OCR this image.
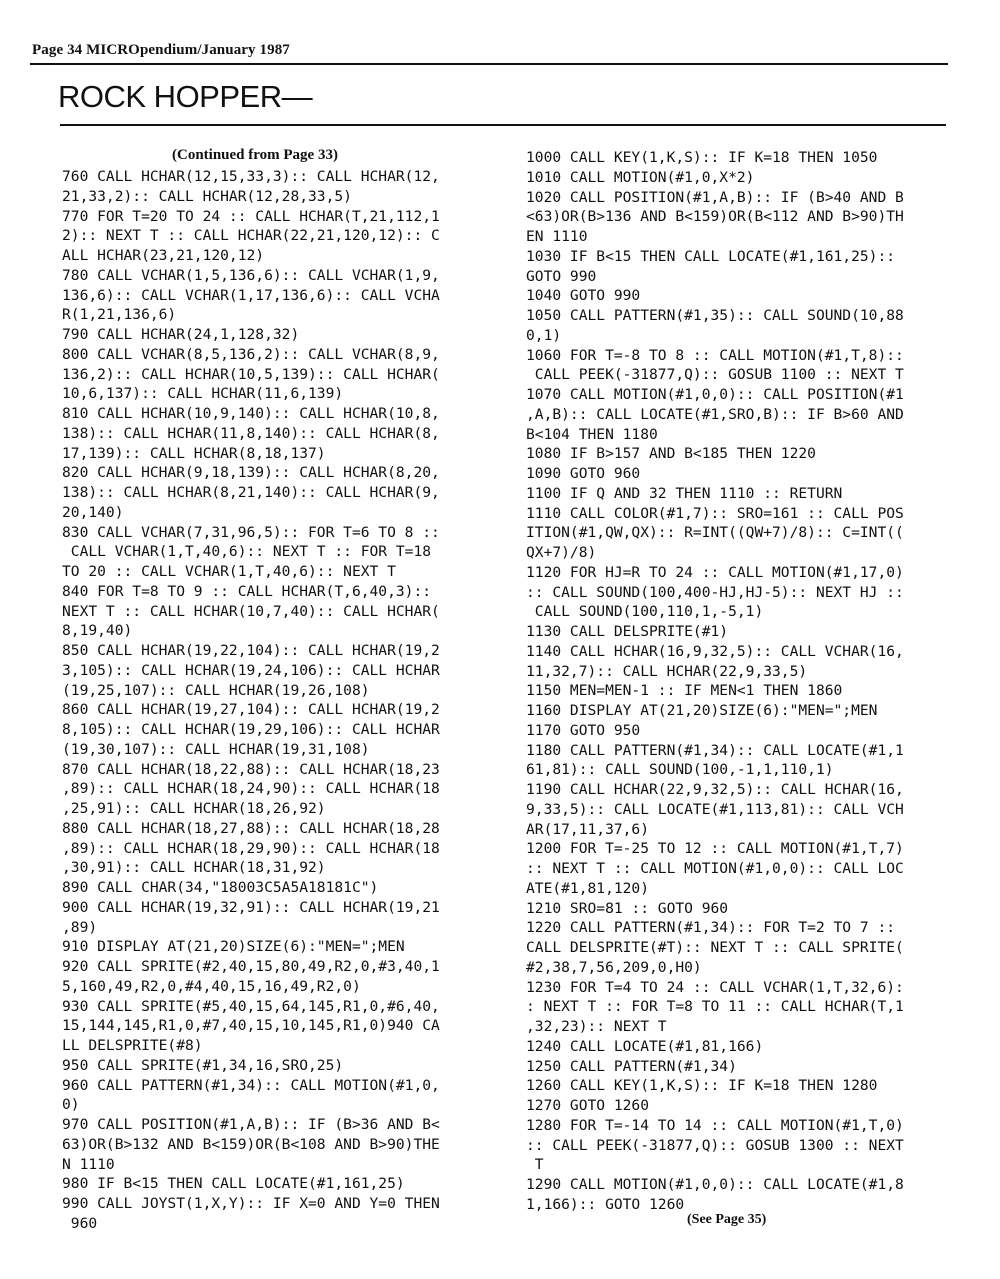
Page 34 MICROpendium/January 1987
ROCK HOPPER—
(Continued from Page 33)
760 CALL HCHAR(12,15,33,3):: CALL HCHAR(12,
21,33,2):: CALL HCHAR(12,28,33,5)
770 FOR T=20 TO 24 :: CALL HCHAR(T,21,112,1
2):: NEXT T :: CALL HCHAR(22,21,120,12):: C
ALL HCHAR(23,21,120,12)
780 CALL VCHAR(1,5,136,6):: CALL VCHAR(1,9,
136,6):: CALL VCHAR(1,17,136,6):: CALL VCHA
R(1,21,136,6)
790 CALL HCHAR(24,1,128,32)
800 CALL VCHAR(8,5,136,2):: CALL VCHAR(8,9,
136,2):: CALL HCHAR(10,5,139):: CALL HCHAR(
10,6,137):: CALL HCHAR(11,6,139)
810 CALL HCHAR(10,9,140):: CALL HCHAR(10,8,
138):: CALL HCHAR(11,8,140):: CALL HCHAR(8,
17,139):: CALL HCHAR(8,18,137)
820 CALL HCHAR(9,18,139):: CALL HCHAR(8,20,
138):: CALL HCHAR(8,21,140):: CALL HCHAR(9,
20,140)
830 CALL VCHAR(7,31,96,5):: FOR T=6 TO 8 ::
CALL VCHAR(1,T,40,6):: NEXT T :: FOR T=18
TO 20 :: CALL VCHAR(1,T,40,6):: NEXT T
840 FOR T=8 TO 9 :: CALL HCHAR(T,6,40,3)::
NEXT T :: CALL HCHAR(10,7,40):: CALL HCHAR(
8,19,40)
850 CALL HCHAR(19,22,104):: CALL HCHAR(19,2
3,105):: CALL HCHAR(19,24,106):: CALL HCHAR
(19,25,107):: CALL HCHAR(19,26,108)
860 CALL HCHAR(19,27,104):: CALL HCHAR(19,2
8,105):: CALL HCHAR(19,29,106):: CALL HCHAR
(19,30,107):: CALL HCHAR(19,31,108)
870 CALL HCHAR(18,22,88):: CALL HCHAR(18,23
,89):: CALL HCHAR(18,24,90):: CALL HCHAR(18
,25,91):: CALL HCHAR(18,26,92)
880 CALL HCHAR(18,27,88):: CALL HCHAR(18,28
,89):: CALL HCHAR(18,29,90):: CALL HCHAR(18
,30,91):: CALL HCHAR(18,31,92)
890 CALL CHAR(34,"18003C5A5A18181C")
900 CALL HCHAR(19,32,91):: CALL HCHAR(19,21
,89)
910 DISPLAY AT(21,20)SIZE(6):"MEN=";MEN
920 CALL SPRITE(#2,40,15,80,49,R2,0,#3,40,1
5,160,49,R2,0,#4,40,15,16,49,R2,0)
930 CALL SPRITE(#5,40,15,64,145,R1,0,#6,40,
15,144,145,R1,0,#7,40,15,10,145,R1,0)940 CA
LL DELSPRITE(#8)
950 CALL SPRITE(#1,34,16,SRO,25)
960 CALL PATTERN(#1,34):: CALL MOTION(#1,0,
0)
970 CALL POSITION(#1,A,B):: IF (B>36 AND B<
63)OR(B>132 AND B<159)OR(B<108 AND B>90)THE
N 1110
980 IF B<15 THEN CALL LOCATE(#1,161,25)
990 CALL JOYST(1,X,Y):: IF X=0 AND Y=0 THEN
960
1000 CALL KEY(1,K,S):: IF K=18 THEN 1050
1010 CALL MOTION(#1,0,X*2)
1020 CALL POSITION(#1,A,B):: IF (B>40 AND B
<63)OR(B>136 AND B<159)OR(B<112 AND B>90)TH
EN 1110
1030 IF B<15 THEN CALL LOCATE(#1,161,25)::
GOTO 990
1040 GOTO 990
1050 CALL PATTERN(#1,35):: CALL SOUND(10,88
0,1)
1060 FOR T=-8 TO 8 :: CALL MOTION(#1,T,8)::
CALL PEEK(-31877,Q):: GOSUB 1100 :: NEXT T
1070 CALL MOTION(#1,0,0):: CALL POSITION(#1
,A,B):: CALL LOCATE(#1,SRO,B):: IF B>60 AND
B<104 THEN 1180
1080 IF B>157 AND B<185 THEN 1220
1090 GOTO 960
1100 IF Q AND 32 THEN 1110 :: RETURN
1110 CALL COLOR(#1,7):: SRO=161 :: CALL POS
ITION(#1,QW,QX):: R=INT((QW+7)/8):: C=INT((
QX+7)/8)
1120 FOR HJ=R TO 24 :: CALL MOTION(#1,17,0)
:: CALL SOUND(100,400-HJ,HJ-5):: NEXT HJ ::
CALL SOUND(100,110,1,-5,1)
1130 CALL DELSPRITE(#1)
1140 CALL HCHAR(16,9,32,5):: CALL VCHAR(16,
11,32,7):: CALL HCHAR(22,9,33,5)
1150 MEN=MEN-1 :: IF MEN<1 THEN 1860
1160 DISPLAY AT(21,20)SIZE(6):"MEN=";MEN
1170 GOTO 950
1180 CALL PATTERN(#1,34):: CALL LOCATE(#1,1
61,81):: CALL SOUND(100,-1,1,110,1)
1190 CALL HCHAR(22,9,32,5):: CALL HCHAR(16,
9,33,5):: CALL LOCATE(#1,113,81):: CALL VCH
AR(17,11,37,6)
1200 FOR T=-25 TO 12 :: CALL MOTION(#1,T,7)
:: NEXT T :: CALL MOTION(#1,0,0):: CALL LOC
ATE(#1,81,120)
1210 SRO=81 :: GOTO 960
1220 CALL PATTERN(#1,34):: FOR T=2 TO 7 ::
CALL DELSPRITE(#T):: NEXT T :: CALL SPRITE(
#2,38,7,56,209,0,H0)
1230 FOR T=4 TO 24 :: CALL VCHAR(1,T,32,6):
: NEXT T :: FOR T=8 TO 11 :: CALL HCHAR(T,1
,32,23):: NEXT T
1240 CALL LOCATE(#1,81,166)
1250 CALL PATTERN(#1,34)
1260 CALL KEY(1,K,S):: IF K=18 THEN 1280
1270 GOTO 1260
1280 FOR T=-14 TO 14 :: CALL MOTION(#1,T,0)
:: CALL PEEK(-31877,Q):: GOSUB 1300 :: NEXT
T
1290 CALL MOTION(#1,0,0):: CALL LOCATE(#1,8
1,166):: GOTO 1260
(See Page 35)
